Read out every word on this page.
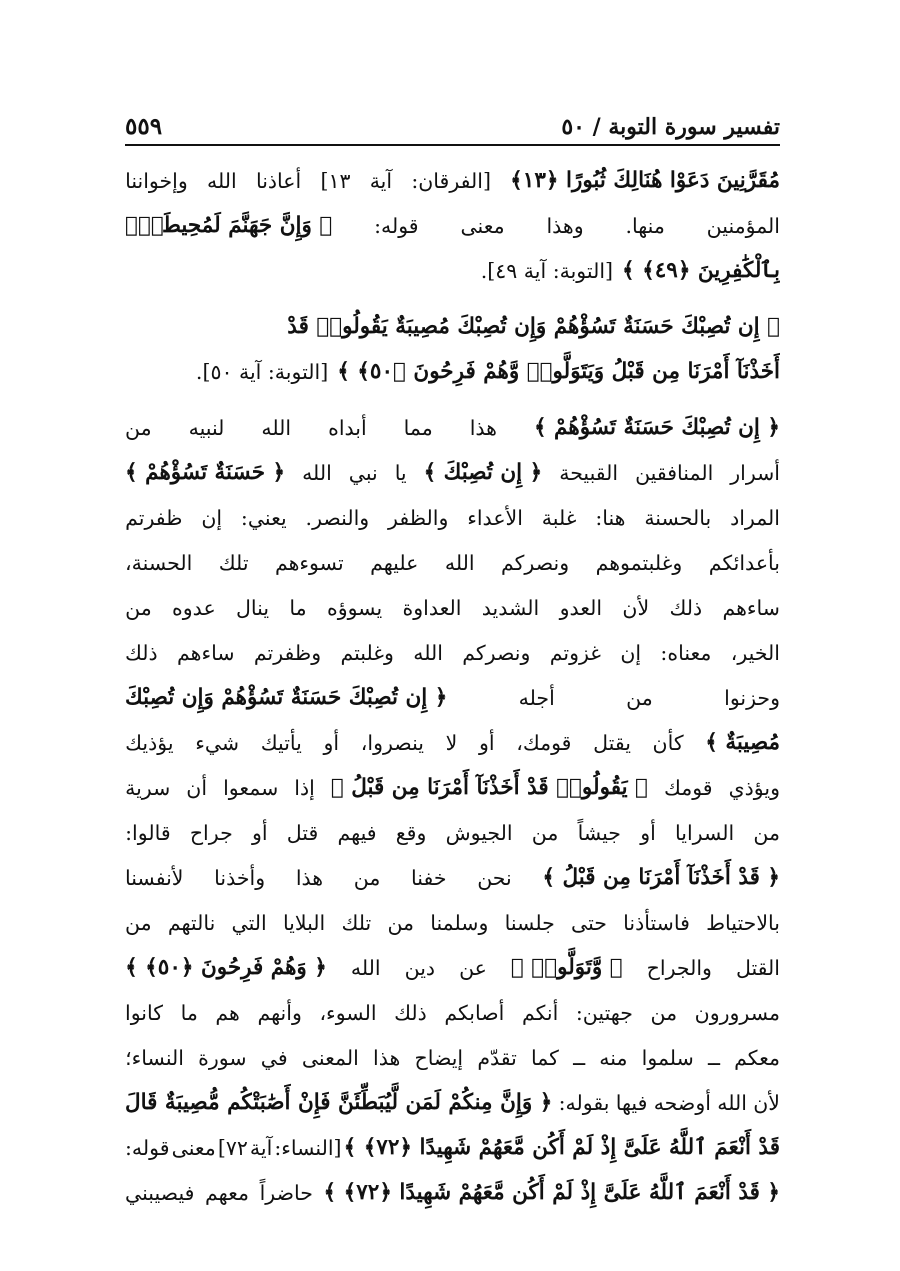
تفسير سورة التوبة / ٥٠
٥٥٩
مُقَرَّنِينَ دَعَوْا هُنَالِكَ ثُبُورًا ﴿١٣﴾
[الفرقان:
آية
١٣]
أعاذنا
الله
وإخواننا
المؤمنين
منها.
وهذا
معنى
قوله:
﴿ وَإِنَّ جَهَنَّمَ لَمُحِيطَةٌۢ
بِٱلْكَٰفِرِينَ ﴿٤٩﴾ ﴾
[التوبة: آية ٤٩].
﴿ إِن تُصِبْكَ حَسَنَةٌ تَسُؤْهُمْ وَإِن تُصِبْكَ مُصِيبَةٌ يَقُولُوا۟ قَدْ
أَخَذْنَآ أَمْرَنَا مِن قَبْلُ وَيَتَوَلَّوا۟ وَّهُمْ فَرِحُونَ ﴿٥٠﴾ ﴾
[التوبة: آية ٥٠].
﴿ إِن تُصِبْكَ حَسَنَةٌ تَسُؤْهُمْ ﴾
هذا
مما
أبداه
الله
لنبيه
من
أسرار
المنافقين
القبيحة
﴿ إِن تُصِبْكَ ﴾
يا
نبي
الله
﴿ حَسَنَةٌ تَسُؤْهُمْ ﴾
المراد
بالحسنة
هنا:
غلبة
الأعداء
والظفر
والنصر.
يعني:
إن
ظفرتم
بأعدائكم
وغلبتموهم
ونصركم
الله
عليهم
تسوءهم
تلك
الحسنة،
ساءهم
ذلك
لأن
العدو
الشديد
العداوة
يسوؤه
ما
ينال
عدوه
من
الخير،
معناه:
إن
غزوتم
ونصركم
الله
وغلبتم
وظفرتم
ساءهم
ذلك
وحزنوا
من
أجله
﴿ إِن تُصِبْكَ حَسَنَةٌ تَسُؤْهُمْ وَإِن تُصِبْكَ
مُصِيبَةٌ ﴾
كأن
يقتل
قومك،
أو
لا
ينصروا،
أو
يأتيك
شيء
يؤذيك
ويؤذي
قومك
﴿ يَقُولُوا۟ قَدْ أَخَذْنَآ أَمْرَنَا مِن قَبْلُ ﴾
إذا
سمعوا
أن
سرية
من
السرايا
أو
جيشاً
من
الجيوش
وقع
فيهم
قتل
أو
جراح
قالوا:
﴿ قَدْ أَخَذْنَآ أَمْرَنَا مِن قَبْلُ ﴾
نحن
خفنا
من
هذا
وأخذنا
لأنفسنا
بالاحتياط
فاستأذنا
حتى
جلسنا
وسلمنا
من
تلك
البلايا
التي
نالتهم
من
القتل
والجراح
﴿ وَّتَوَلَّوا۟ ﴾
عن
دين
الله
﴿ وَهُمْ فَرِحُونَ ﴿٥٠﴾ ﴾
مسرورون
من
جهتين:
أنكم
أصابكم
ذلك
السوء،
وأنهم
هم
ما
كانوا
معكم
ــ
سلموا
منه
ــ
كما
تقدّم
إيضاح
هذا
المعنى
في
سورة
النساء؛
لأن
الله
أوضحه
فيها
بقوله:
﴿ وَإِنَّ مِنكُمْ لَمَن لَّيُبَطِّئَنَّ فَإِنْ أَصَٰبَتْكُم مُّصِيبَةٌ قَالَ
قَدْ أَنْعَمَ ٱللَّهُ عَلَىَّ إِذْ لَمْ أَكُن مَّعَهُمْ شَهِيدًا ﴿٧٢﴾ ﴾
[النساء:
آية
٧٢]
معنى
قوله:
﴿ قَدْ أَنْعَمَ ٱللَّهُ عَلَىَّ إِذْ لَمْ أَكُن مَّعَهُمْ شَهِيدًا ﴿٧٢﴾ ﴾
حاضراً
معهم
فيصيبني
